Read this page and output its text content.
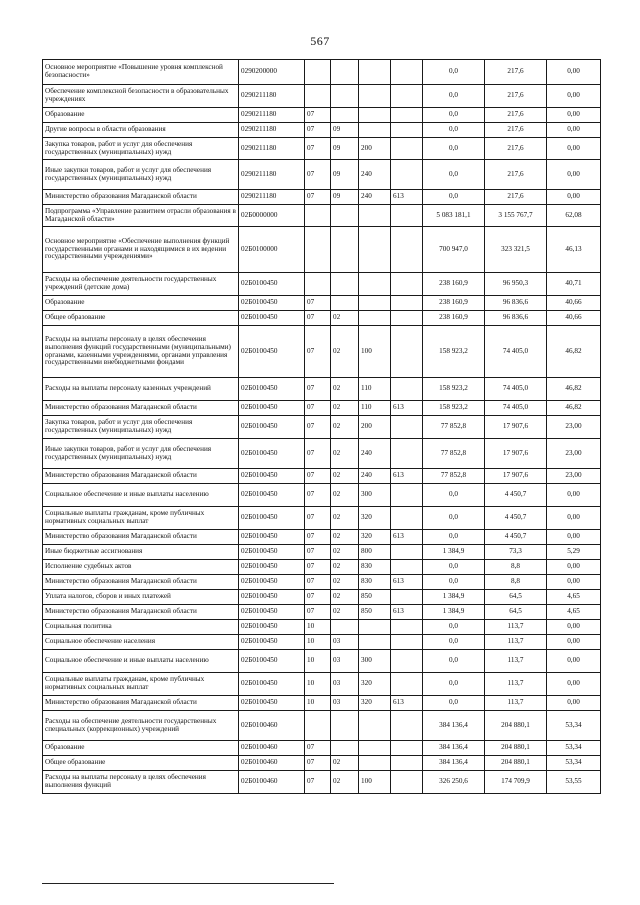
567
Основное мероприятие «Повышение уровня комплексной безопасности»	0290200000					0,0	217,6	0,00
Обеспечение комплексной безопасности в образовательных учреждениях	0290211180					0,0	217,6	0,00
Образование	0290211180	07				0,0	217,6	0,00
Другие вопросы в области образования	0290211180	07	09			0,0	217,6	0,00
Закупка товаров, работ и услуг для обеспечения государственных (муниципальных) нужд	0290211180	07	09	200		0,0	217,6	0,00
Иные закупки товаров, работ и услуг для обеспечения государственных (муниципальных) нужд	0290211180	07	09	240		0,0	217,6	0,00
Министерство образования Магаданской области	0290211180	07	09	240	613	0,0	217,6	0,00
Подпрограмма «Управление развитием отрасли образования в Магаданской области»	02Б0000000					5 083 181,1	3 155 767,7	62,08
Основное мероприятие «Обеспечение выполнения функций государственными органами и находящимися в их ведении государственными учреждениями»	02Б0100000					700 947,0	323 321,5	46,13
Расходы на обеспечение деятельности государственных учреждений (детские дома)	02Б0100450					238 160,9	96 950,3	40,71
Образование	02Б0100450	07				238 160,9	96 836,6	40,66
Общее образование	02Б0100450	07	02			238 160,9	96 836,6	40,66
Расходы на выплаты персоналу в целях обеспечения выполнения функций государственными (муниципальными) органами, казенными учреждениями, органами управления государственными внебюджетными фондами	02Б0100450	07	02	100		158 923,2	74 405,0	46,82
Расходы на выплаты персоналу казенных учреждений	02Б0100450	07	02	110		158 923,2	74 405,0	46,82
Министерство образования Магаданской области	02Б0100450	07	02	110	613	158 923,2	74 405,0	46,82
Закупка товаров, работ и услуг для обеспечения государственных (муниципальных) нужд	02Б0100450	07	02	200		77 852,8	17 907,6	23,00
Иные закупки товаров, работ и услуг для обеспечения государственных (муниципальных) нужд	02Б0100450	07	02	240		77 852,8	17 907,6	23,00
Министерство образования Магаданской области	02Б0100450	07	02	240	613	77 852,8	17 907,6	23,00
Социальное обеспечение и иные выплаты населению	02Б0100450	07	02	300		0,0	4 450,7	0,00
Социальные выплаты гражданам, кроме публичных нормативных социальных выплат	02Б0100450	07	02	320		0,0	4 450,7	0,00
Министерство образования Магаданской области	02Б0100450	07	02	320	613	0,0	4 450,7	0,00
Иные бюджетные ассигнования	02Б0100450	07	02	800		1 384,9	73,3	5,29
Исполнение судебных актов	02Б0100450	07	02	830		0,0	8,8	0,00
Министерство образования Магаданской области	02Б0100450	07	02	830	613	0,0	8,8	0,00
Уплата налогов, сборов и иных платежей	02Б0100450	07	02	850		1 384,9	64,5	4,65
Министерство образования Магаданской области	02Б0100450	07	02	850	613	1 384,9	64,5	4,65
Социальная политика	02Б0100450	10				0,0	113,7	0,00
Социальное обеспечение населения	02Б0100450	10	03			0,0	113,7	0,00
Социальное обеспечение и иные выплаты населению	02Б0100450	10	03	300		0,0	113,7	0,00
Социальные выплаты гражданам, кроме публичных нормативных социальных выплат	02Б0100450	10	03	320		0,0	113,7	0,00
Министерство образования Магаданской области	02Б0100450	10	03	320	613	0,0	113,7	0,00
Расходы на обеспечение деятельности государственных специальных (коррекционных) учреждений	02Б0100460					384 136,4	204 880,1	53,34
Образование	02Б0100460	07				384 136,4	204 880,1	53,34
Общее образование	02Б0100460	07	02			384 136,4	204 880,1	53,34
Расходы на выплаты персоналу в целях обеспечения выполнения функций	02Б0100460	07	02	100		326 250,6	174 709,9	53,55
